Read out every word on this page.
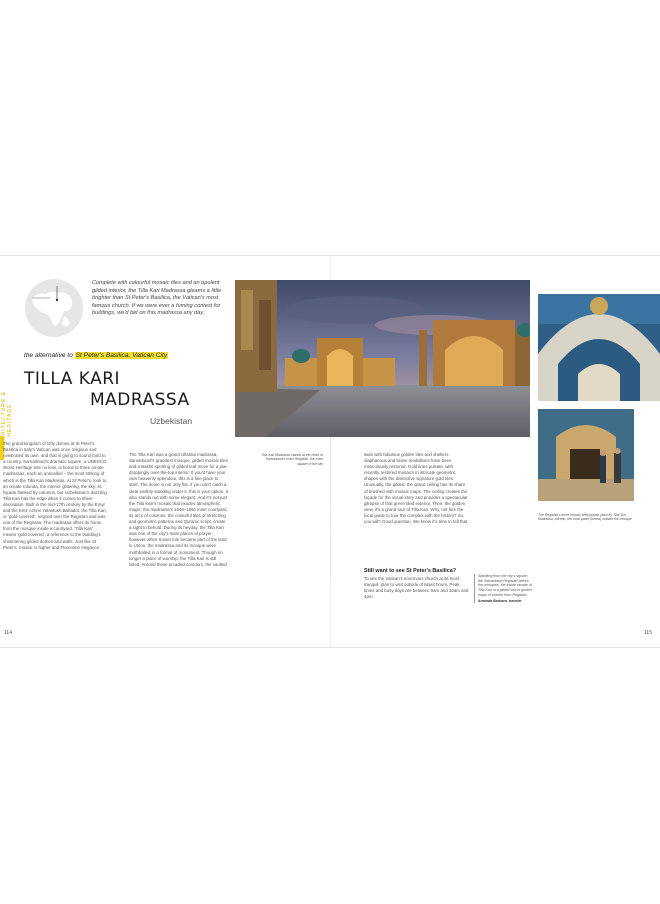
ARCHITECTURE & HERITAGE
Complete with colourful mosaic tiles and an opulent gilded interior, the Tilla Kari Madrassa gleams a little brighter than St Peter's Basilica, the Vatican's most famous church. If we were ever a fuming contest for buildings, we'd bet on this madrassa any day.
the alternative to St Peter's Basilica, Vatican City
TILLA KARI
MADRASSA
Uzbekistan
The grand kingdom of lofty domes at St Peter's Basilica in Italy's Vatican was once religious and celebrated its own, and that is going to sound bold to a country. Samarkand's dramatic square, a UNESCO World Heritage Site no less, is home to three ornate madrassas, each an unrivalled – the most striking of which is the Tilla Kari Madrassa. At St Peter's, look to an ornate rotunda, the interior glittering, the sky; its façade flanked by columns, but Uzbekistan's dazzling Tilla Kari has the edge when it comes to sheer decoration. Built in the mid-17th century by the Emyr and the Emir Azhmi Yalantush Bahador, the Tilla Kari, or 'gold-covered', reigned over the Registan and was one of the Registan. The madrassa offers its home from the mosque inside a courtyard. 'Tilla Kari' means 'gold-covered', a reference to the building's shimmering gilded domes and walls. Just like St Peter's, mosaic is higher and Florentine elegance.
The Tilla Kari was a grand Ulfanka madrassa, Samarkand's grandest mosque, gilded mosaic tiles and a Bakhti sporting of gilded leaf move for a jaw-droppingly over-the-top interior. If you'd have your own heavenly splendour, this is a fine place to start. The dome is not only flat, if you can't catch a clear earthly standing under it, this is your option. It also stands out with some elegant. And it's not just the Tilla Kari's mosaic that exudes atmospheric magic: the madrassa's 1646–1660 inner courtyard, its arcs of columns, the colourful tiles of stretching and geometric patterns and Quranic script, create a sight to behold. During its heyday, the Tilla Kari was one of the city's main places of prayer; however when Soviet rule became part of the land in Union, the madrassa and its mosque were mothballed in a format of monument. Though no longer a place of worship, the Tilla Kari is still listed. Around these arcaded corridors, the vaulted
Tilla Kari Madrassa stands at the heart of Samarkand's main Registan, the main square of the city
The Registan's three mosaic-tiled portals (above), Shir-Dor Madrassa; Alfredo, the local guide (below) outside the mosque
iwan with fabulous golden tiles and shelters diaphanous and brave medallions have been meticulously restored. Gold lines pulsate, with recently restored mosaics in intricate geometric shapes with the distinctive signature gold tiles. Unusually, the gilded, the grand ceiling has its share of brushed with mosaic maps. The ceiling creates the façade for the visual story and provides a spectacular glimpse of that green tiled exterior. Then, the golden view, it's a grand tour of Tilla Kari. Why, not hire the local guide to tour the complex with the history? So, you will? Good question. We know it's time to tell that.
Still want to see St Peter's Basilica?
To see the Vatican's enormous church at its most tranquil, plan to visit outside of Mass hours. Peak times and busy days are between 9am and 10am and 4pm.
Standing from the city's square, the Samarkand Registan before the mosques, the inside facade of Tilla Kari in a gilded sea of golden maps of scenes from Registan.
Amanda Barbara, traveler
114	115
